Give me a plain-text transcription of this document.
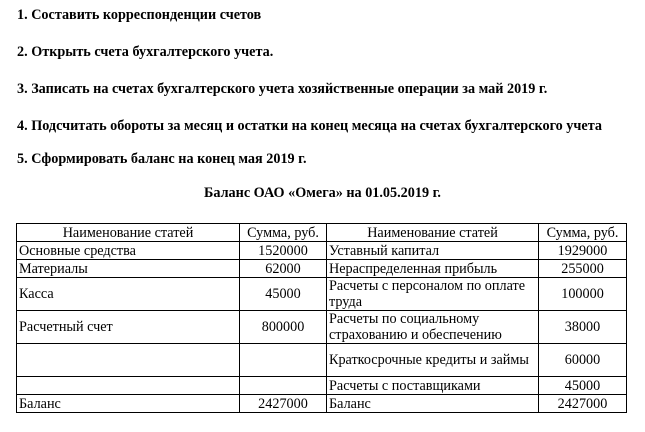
1. Составить корреспонденции счетов
2. Открыть счета бухгалтерского учета.
3. Записать на счетах бухгалтерского учета хозяйственные операции за май 2019 г.
4. Подсчитать обороты за месяц и остатки на конец месяца на счетах бухгалтерского учета
5. Сформировать баланс на конец мая 2019 г.
Баланс ОАО «Омега» на 01.05.2019 г.
Наименование статей	Сумма, руб.	Наименование статей	Сумма, руб.
Основные средства	1520000	Уставный капитал	1929000
Материалы	62000	Нераспределенная прибыль	255000
Касса	45000	Расчеты с персоналом по оплате труда	100000
Расчетный счет	800000	Расчеты по социальному страхованию и обеспечению	38000
		Краткосрочные кредиты и займы	60000
		Расчеты с поставщиками	45000
Баланс	2427000	Баланс	2427000
